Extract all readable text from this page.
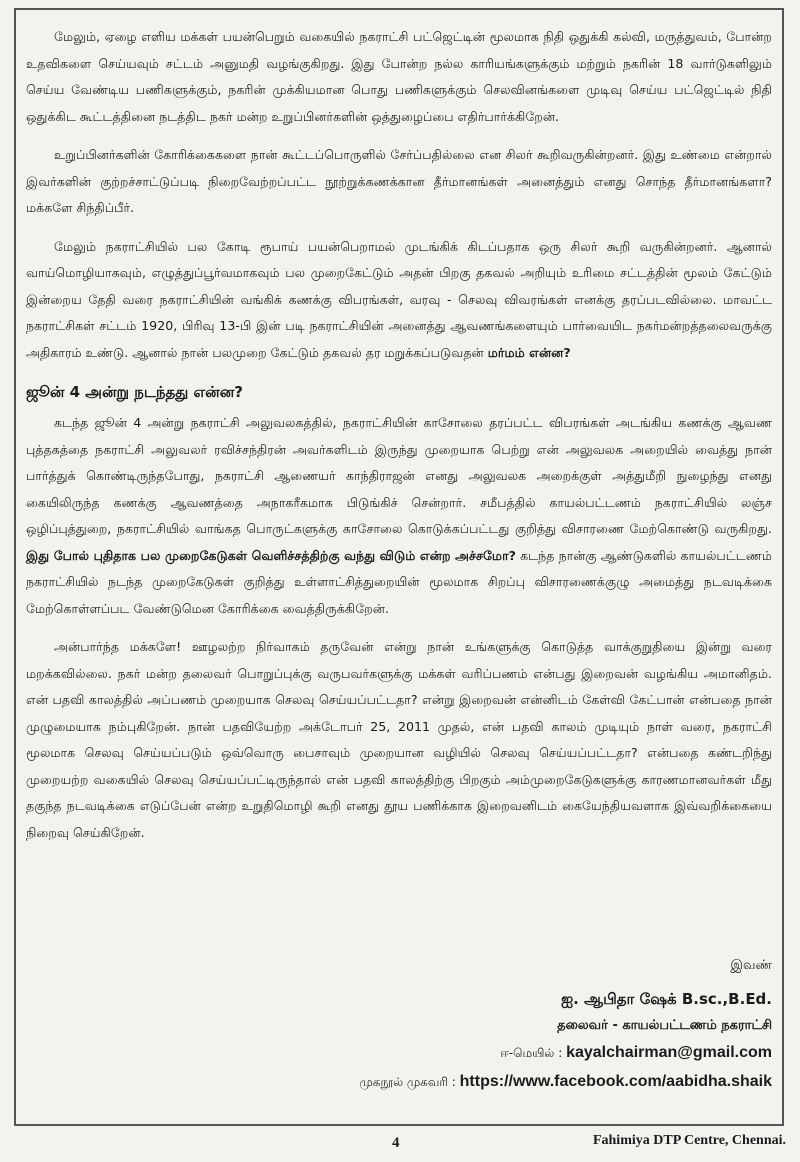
மேலும், ஏழை எளிய மக்கள் பயன்பெறும் வகையில் நகராட்சி பட்ஜெட்டின் மூலமாக நிதி ஒதுக்கி கல்வி, மருத்துவம், போன்ற உதவிகளை செய்யவும் சட்டம் அனுமதி வழங்குகிறது. இது போன்ற நல்ல காரியங்களுக்கும் மற்றும் நகரின் 18 வார்டுகளிலும் செய்ய வேண்டிய பணிகளுக்கும், நகரின் முக்கியமான பொது பணிகளுக்கும் செலவினங்களை முடிவு செய்ய பட்ஜெட்டில் நிதி ஒதுக்கிட கூட்டத்தினை நடத்திட நகர் மன்ற உறுப்பினர்களின் ஒத்துழைப்பை எதிர்பார்க்கிறேன்.

உறுப்பினர்களின் கோரிக்கைகளை நான் கூட்டப்பொருளில் சேர்ப்பதில்லை என சிலர் கூறிவருகின்றனர். இது உண்மை என்றால் இவர்களின் குற்றச்சாட்டுப்படி நிறைவேற்றப்பட்ட நூற்றுக்கணக்கான தீர்மானங்கள் அனைத்தும் எனது சொந்த தீர்மானங்களா? மக்களே சிந்திப்பீர்.

மேலும் நகராட்சியில் பல கோடி ரூபாய் பயன்பெறாமல் முடங்கிக் கிடப்பதாக ஒரு சிலர் கூறி வருகின்றனர். ஆனால் வாய்மொழியாகவும், எழுத்துப்பூர்வமாகவும் பல முறைகேட்டும் அதன் பிறகு தகவல் அறியும் உரிமை சட்டத்தின் மூலம் கேட்டும் இன்றைய தேதி வரை நகராட்சியின் வங்கிக் கணக்கு விபரங்கள், வரவு - செலவு விவரங்கள் எனக்கு தரப்படவில்லை. மாவட்ட நகராட்சிகள் சட்டம் 1920, பிரிவு 13-பி இன் படி நகராட்சியின் அனைத்து ஆவணங்களையும் பார்வையிட நகர்மன்றத்தலைவருக்கு அதிகாரம் உண்டு. ஆனால் நான் பலமுறை கேட்டும் தகவல் தர மறுக்கப்படுவதன் மர்மம் என்ன?

ஜூன் 4 அன்று நடந்தது என்ன?

கடந்த ஜூன் 4 அன்று நகராட்சி அலுவலகத்தில், நகராட்சியின் காசோலை தரப்பட்ட விபரங்கள் அடங்கிய கணக்கு ஆவண புத்தகத்தை நகராட்சி அலுவலர் ரவிச்சந்திரன் அவர்களிடம் இருந்து முறையாக பெற்று என் அலுவலக அறையில் வைத்து நான் பார்த்துக் கொண்டிருந்தபோது, நகராட்சி ஆணையர் காந்திராஜன் எனது அலுவலக அறைக்குள் அத்துமீறி நுழைந்து எனது கையிலிருந்த கணக்கு ஆவணத்தை அநாகரீகமாக பிடுங்கிச் சென்றார். சமீபத்தில் காயல்பட்டணம் நகராட்சியில் லஞ்ச ஒழிப்புத்துறை, நகராட்சியில் வாங்கத பொருட்களுக்கு காசோலை கொடுக்கப்பட்டது குறித்து விசாரணை மேற்கொண்டு வருகிறது. இது போல் புதிதாக பல முறைகேடுகள் வெளிச்சத்திற்கு வந்து விடும் என்ற அச்சமோ? கடந்த நான்கு ஆண்டுகளில் காயல்பட்டணம் நகராட்சியில் நடந்த முறைகேடுகள் குறித்து உள்ளாட்சித்துறையின் மூலமாக சிறப்பு விசாரணைக்குழு அமைத்து நடவடிக்கை மேற்கொள்ளப்பட வேண்டுமென கோரிக்கை வைத்திருக்கிறேன்.

அன்பார்ந்த மக்களே! ஊழலற்ற நிர்வாகம் தருவேன் என்று நான் உங்களுக்கு கொடுத்த வாக்குறுதியை இன்று வரை மறக்கவில்லை. நகர் மன்ற தலைவர் பொறுப்புக்கு வருபவர்களுக்கு மக்கள் வரிப்பணம் என்பது இறைவன் வழங்கிய அமானிதம். என் பதவி காலத்தில் அப்பணம் முறையாக செலவு செய்யப்பட்டதா? என்று இறைவன் என்னிடம் கேள்வி கேட்பான் என்பதை நான் முழுமையாக நம்புகிறேன். நான் பதவியேற்ற அக்டோபர் 25, 2011 முதல், என் பதவி காலம் முடியும் நாள் வரை, நகராட்சி மூலமாக செலவு செய்யப்படும் ஒவ்வொரு பைசாவும் முறையான வழியில் செலவு செய்யப்பட்டதா? என்பதை கண்டறிந்து முறையற்ற வகையில் செலவு செய்யப்பட்டிருந்தால் என் பதவி காலத்திற்கு பிறகும் அம்முறைகேடுகளுக்கு காரணமானவர்கள் மீது தகுந்த நடவடிக்கை எடுப்பேன் என்ற உறுதிமொழி கூறி எனது தூய பணிக்காக இறைவனிடம் கையேந்தியவளாக இவ்வறிக்கையை நிறைவு செய்கிறேன்.

இவண்
ஐ. ஆபிதா ஷேக் B.sc.,B.Ed.
தலைவர் - காயல்பட்டணம் நகராட்சி
ஈ-மெயில் : kayalchairman@gmail.com
முகநூல் முகவரி : https://www.facebook.com/aabidha.shaik
4	Fahimiya DTP Centre, Chennai.
